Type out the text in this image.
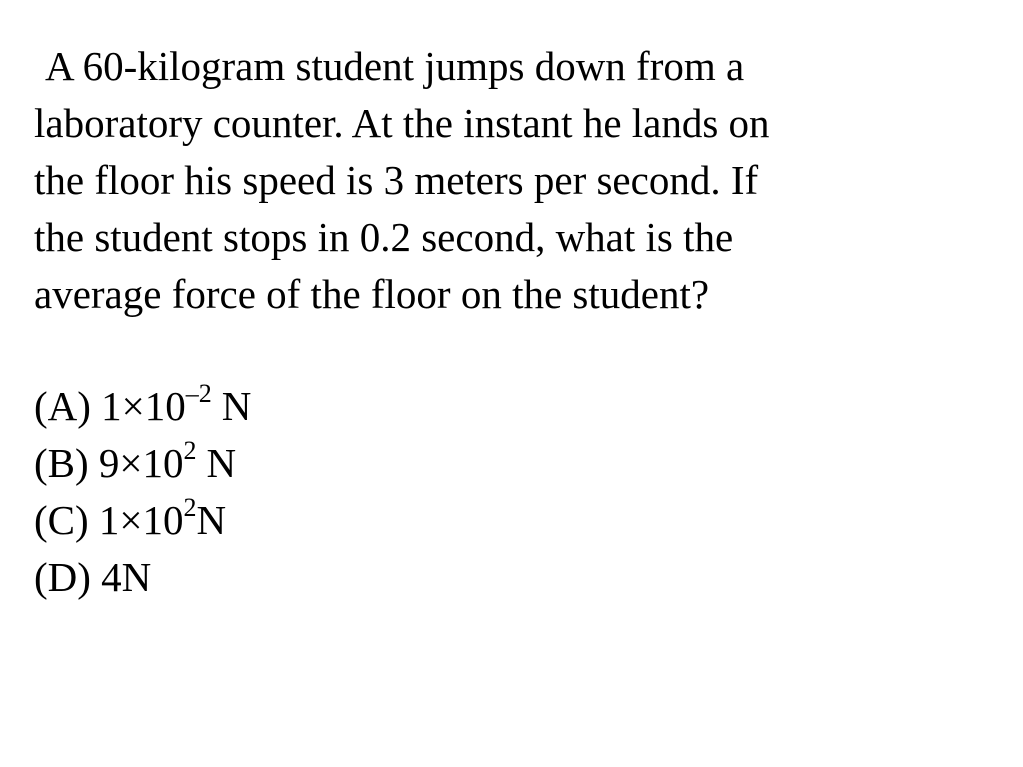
A 60-kilogram student jumps down from a
laboratory counter. At the instant he lands on
the floor his speed is 3 meters per second. If
the student stops in 0.2 second, what is the
average force of the floor on the student?

(A) $1\times 10^{-2}$ N
(B) $9\times 10^2$ N
(C) $1\times 10^2N$
(D) 4N
